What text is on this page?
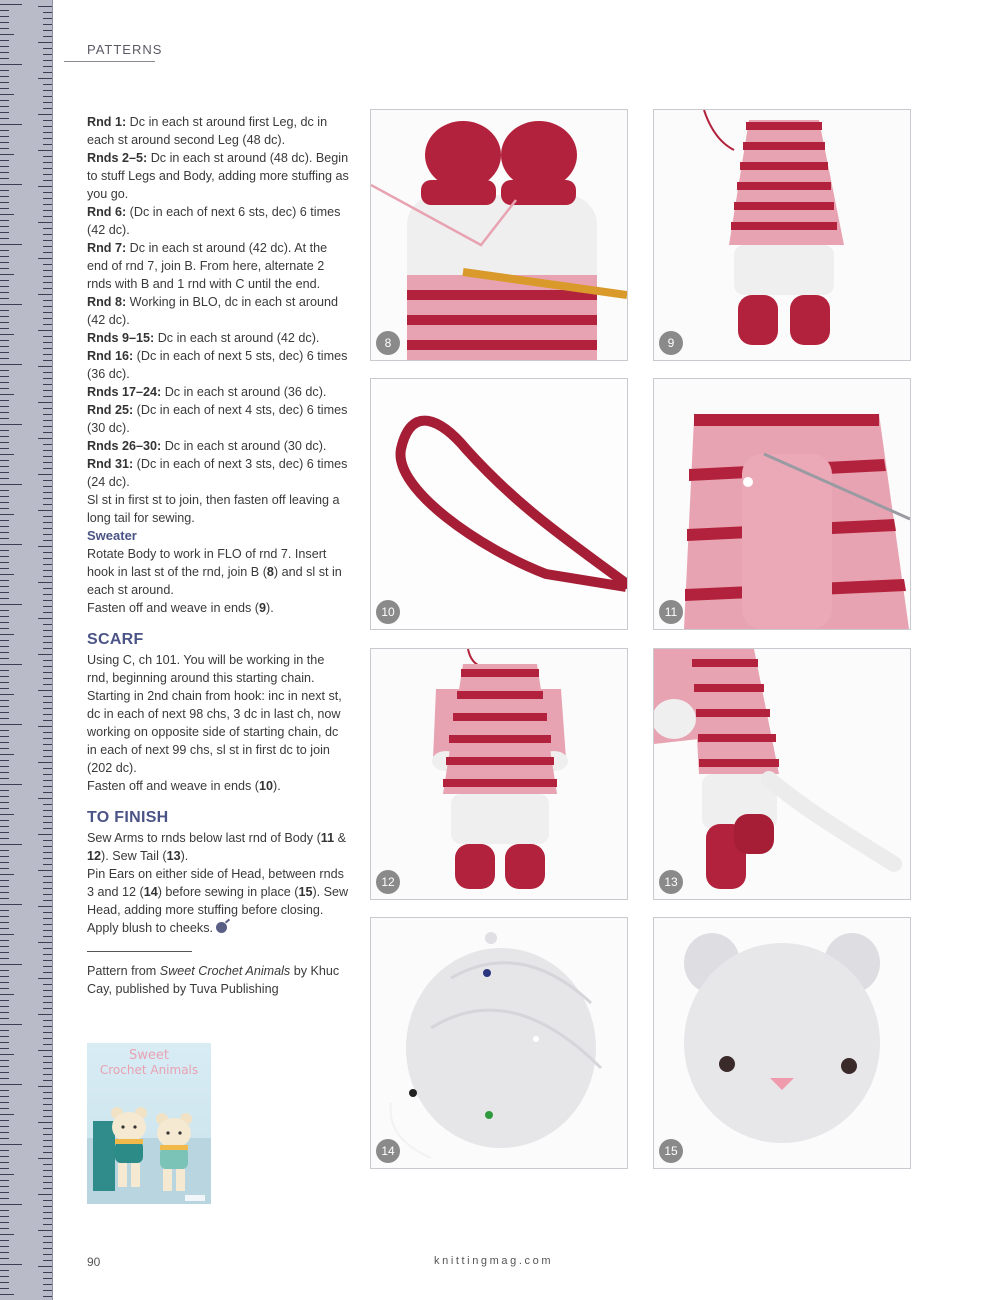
PATTERNS

Rnd 1: Dc in each st around first Leg, dc in each st around second Leg (48 dc).

Rnds 2–5: Dc in each st around (48 dc). Begin to stuff Legs and Body, adding more stuffing as you go.

Rnd 6: (Dc in each of next 6 sts, dec) 6 times (42 dc).

Rnd 7: Dc in each st around (42 dc). At the end of rnd 7, join B. From here, alternate 2 rnds with B and 1 rnd with C until the end.

Rnd 8: Working in BLO, dc in each st around (42 dc).

Rnds 9–15: Dc in each st around (42 dc).

Rnd 16: (Dc in each of next 5 sts, dec) 6 times (36 dc).

Rnds 17–24: Dc in each st around (36 dc).

Rnd 25: (Dc in each of next 4 sts, dec) 6 times (30 dc).

Rnds 26–30: Dc in each st around (30 dc).

Rnd 31: (Dc in each of next 3 sts, dec) 6 times (24 dc).

Sl st in first st to join, then fasten off leaving a long tail for sewing.

Sweater

Rotate Body to work in FLO of rnd 7. Insert hook in last st of the rnd, join B (8) and sl st in each st around.

Fasten off and weave in ends (9).

SCARF

Using C, ch 101. You will be working in the rnd, beginning around this starting chain. Starting in 2nd chain from hook: inc in next st, dc in each of next 98 chs, 3 dc in last ch, now working on opposite side of starting chain, dc in each of next 99 chs, sl st in first dc to join (202 dc).

Fasten off and weave in ends (10).

TO FINISH

Sew Arms to rnds below last rnd of Body (11 & 12). Sew Tail (13).

Pin Ears on either side of Head, between rnds 3 and 12 (14) before sewing in place (15). Sew Head, adding more stuffing before closing.

Apply blush to cheeks.

Pattern from Sweet Crochet Animals by Khuc Cay, published by Tuva Publishing

Sweet
Crochet Animals
8	9
10	11
12	13
14	15
90	knittingmag.com
